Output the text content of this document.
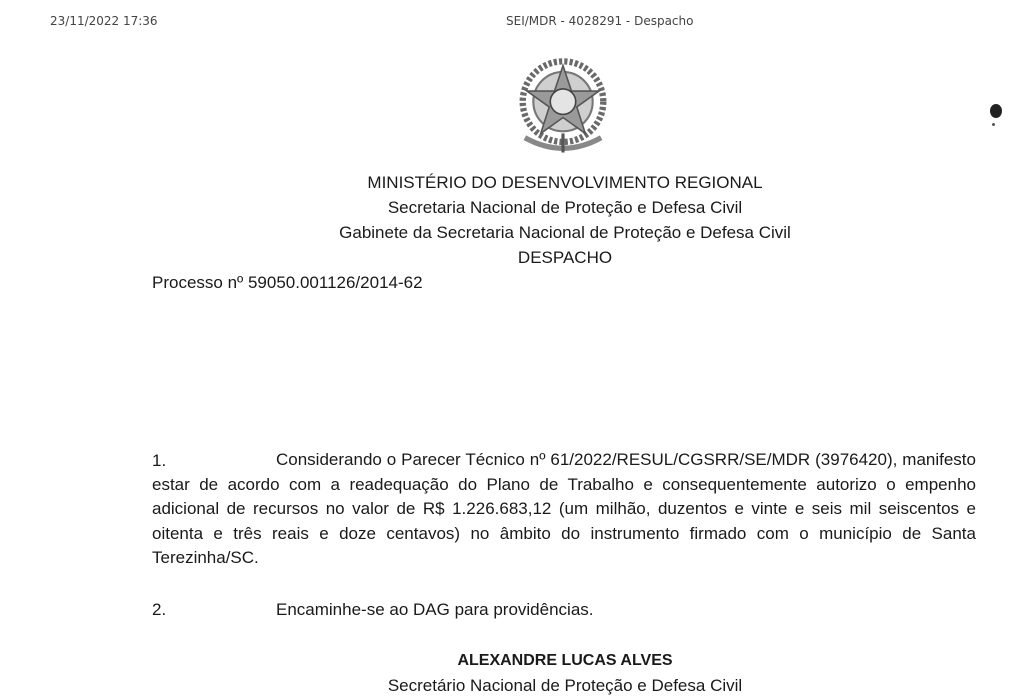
23/11/2022 17:36	SEI/MDR - 4028291 - Despacho
MINISTÉRIO DO DESENVOLVIMENTO REGIONAL
Secretaria Nacional de Proteção e Defesa Civil
Gabinete da Secretaria Nacional de Proteção e Defesa Civil
DESPACHO
Processo nº 59050.001126/2014-62
1.	Considerando o Parecer Técnico nº 61/2022/RESUL/CGSRR/SE/MDR (3976420), manifesto estar de acordo com a readequação do Plano de Trabalho e consequentemente autorizo o empenho adicional de recursos no valor de R$ 1.226.683,12 (um milhão, duzentos e vinte e seis mil seiscentos e oitenta e três reais e doze centavos) no âmbito do instrumento firmado com o município de Santa Terezinha/SC.
2.	Encaminhe-se ao DAG para providências.
ALEXANDRE LUCAS ALVES
Secretário Nacional de Proteção e Defesa Civil
